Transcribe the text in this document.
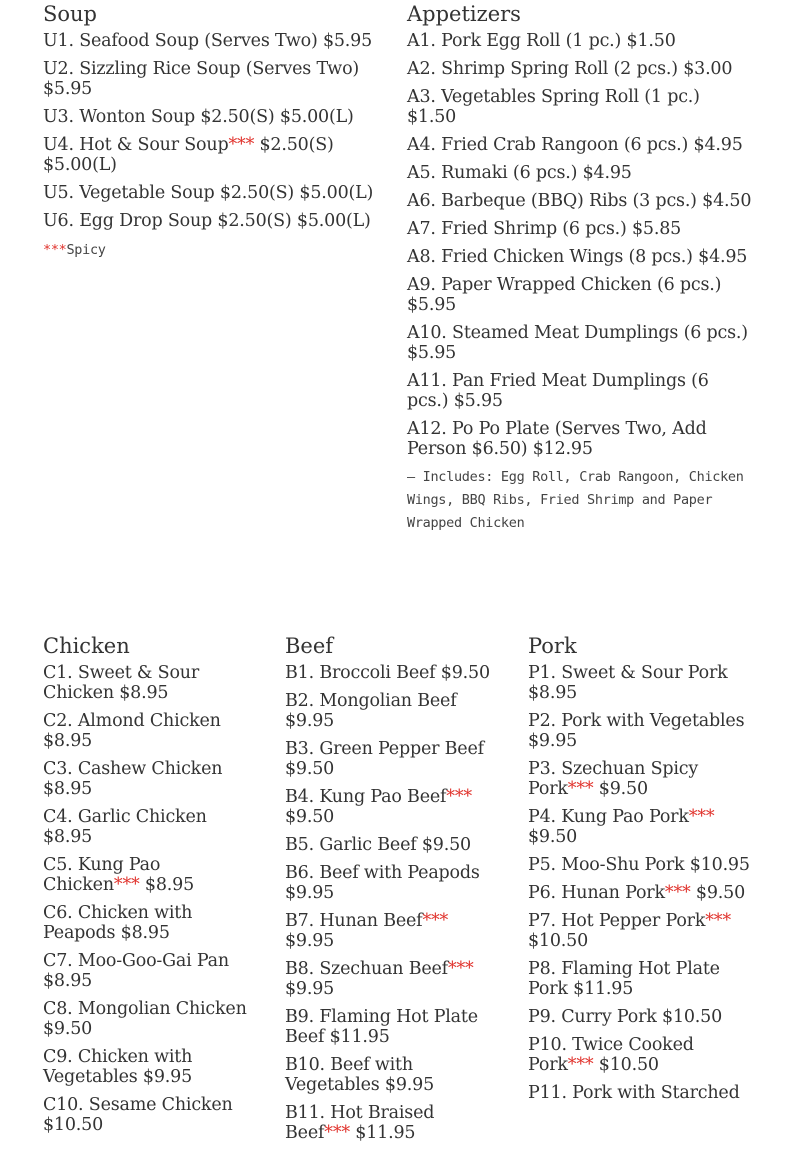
Soup
U1. Seafood Soup (Serves Two) $5.95
U2. Sizzling Rice Soup (Serves Two) $5.95
U3. Wonton Soup $2.50(S) $5.00(L)
U4. Hot & Sour Soup*** $2.50(S) $5.00(L)
U5. Vegetable Soup $2.50(S) $5.00(L)
U6. Egg Drop Soup $2.50(S) $5.00(L)
***Spicy
Appetizers
A1. Pork Egg Roll (1 pc.) $1.50
A2. Shrimp Spring Roll (2 pcs.) $3.00
A3. Vegetables Spring Roll (1 pc.) $1.50
A4. Fried Crab Rangoon (6 pcs.) $4.95
A5. Rumaki (6 pcs.) $4.95
A6. Barbeque (BBQ) Ribs (3 pcs.) $4.50
A7. Fried Shrimp (6 pcs.) $5.85
A8. Fried Chicken Wings (8 pcs.) $4.95
A9. Paper Wrapped Chicken (6 pcs.) $5.95
A10. Steamed Meat Dumplings (6 pcs.) $5.95
A11. Pan Fried Meat Dumplings (6 pcs.) $5.95
A12. Po Po Plate (Serves Two, Add Person $6.50) $12.95
— Includes: Egg Roll, Crab Rangoon, Chicken Wings, BBQ Ribs, Fried Shrimp and Paper Wrapped Chicken
Chicken
C1. Sweet & Sour Chicken $8.95
C2. Almond Chicken $8.95
C3. Cashew Chicken $8.95
C4. Garlic Chicken $8.95
C5. Kung Pao Chicken*** $8.95
C6. Chicken with Peapods $8.95
C7. Moo-Goo-Gai Pan $8.95
C8. Mongolian Chicken $9.50
C9. Chicken with Vegetables $9.95
C10. Sesame Chicken $10.50
Beef
B1. Broccoli Beef $9.50
B2. Mongolian Beef $9.95
B3. Green Pepper Beef $9.50
B4. Kung Pao Beef*** $9.50
B5. Garlic Beef $9.50
B6. Beef with Peapods $9.95
B7. Hunan Beef*** $9.95
B8. Szechuan Beef*** $9.95
B9. Flaming Hot Plate Beef $11.95
B10. Beef with Vegetables $9.95
B11. Hot Braised Beef*** $11.95
Pork
P1. Sweet & Sour Pork $8.95
P2. Pork with Vegetables $9.95
P3. Szechuan Spicy Pork*** $9.50
P4. Kung Pao Pork*** $9.50
P5. Moo-Shu Pork $10.95
P6. Hunan Pork*** $9.50
P7. Hot Pepper Pork*** $10.50
P8. Flaming Hot Plate Pork $11.95
P9. Curry Pork $10.50
P10. Twice Cooked Pork*** $10.50
P11. Pork with Starched
